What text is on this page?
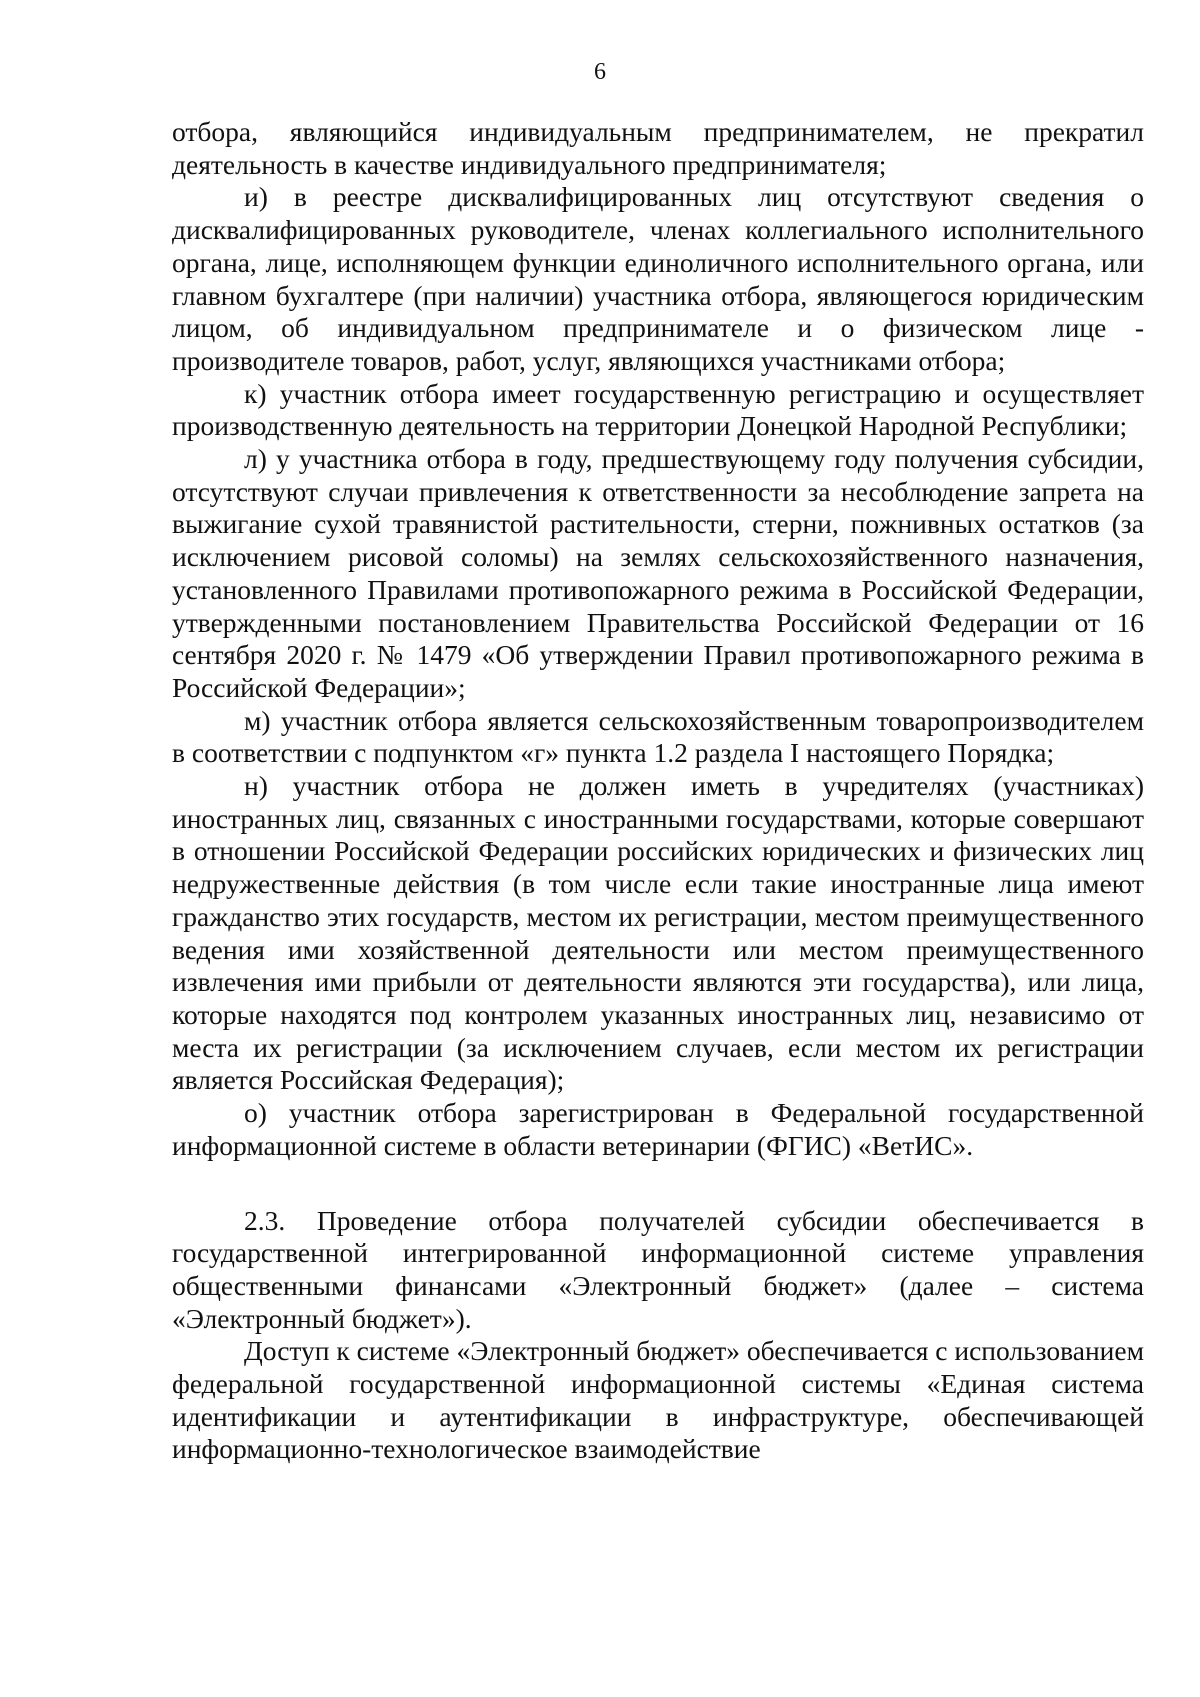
6

отбора, являющийся индивидуальным предпринимателем, не прекратил деятельность в качестве индивидуального предпринимателя;

и) в реестре дисквалифицированных лиц отсутствуют сведения о дисквалифицированных руководителе, членах коллегиального исполнительного органа, лице, исполняющем функции единоличного исполнительного органа, или главном бухгалтере (при наличии) участника отбора, являющегося юридическим лицом, об индивидуальном предпринимателе и о физическом лице - производителе товаров, работ, услуг, являющихся участниками отбора;

к) участник отбора имеет государственную регистрацию и осуществляет производственную деятельность на территории Донецкой Народной Республики;

л) у участника отбора в году, предшествующему году получения субсидии, отсутствуют случаи привлечения к ответственности за несоблюдение запрета на выжигание сухой травянистой растительности, стерни, пожнивных остатков (за исключением рисовой соломы) на землях сельскохозяйственного назначения, установленного Правилами противопожарного режима в Российской Федерации, утвержденными постановлением Правительства Российской Федерации от 16 сентября 2020 г. № 1479 «Об утверждении Правил противопожарного режима в Российской Федерации»;

м) участник отбора является сельскохозяйственным товаропроизводителем в соответствии с подпунктом «г» пункта 1.2 раздела I настоящего Порядка;

н) участник отбора не должен иметь в учредителях (участниках) иностранных лиц, связанных с иностранными государствами, которые совершают в отношении Российской Федерации российских юридических и физических лиц недружественные действия (в том числе если такие иностранные лица имеют гражданство этих государств, местом их регистрации, местом преимущественного ведения ими хозяйственной деятельности или местом преимущественного извлечения ими прибыли от деятельности являются эти государства), или лица, которые находятся под контролем указанных иностранных лиц, независимо от места их регистрации (за исключением случаев, если местом их регистрации является Российская Федерация);

о) участник отбора зарегистрирован в Федеральной государственной информационной системе в области ветеринарии (ФГИС) «ВетИС».

2.3. Проведение отбора получателей субсидии обеспечивается в государственной интегрированной информационной системе управления общественными финансами «Электронный бюджет» (далее – система «Электронный бюджет»).

Доступ к системе «Электронный бюджет» обеспечивается с использованием федеральной государственной информационной системы «Единая система идентификации и аутентификации в инфраструктуре, обеспечивающей информационно-технологическое взаимодействие
